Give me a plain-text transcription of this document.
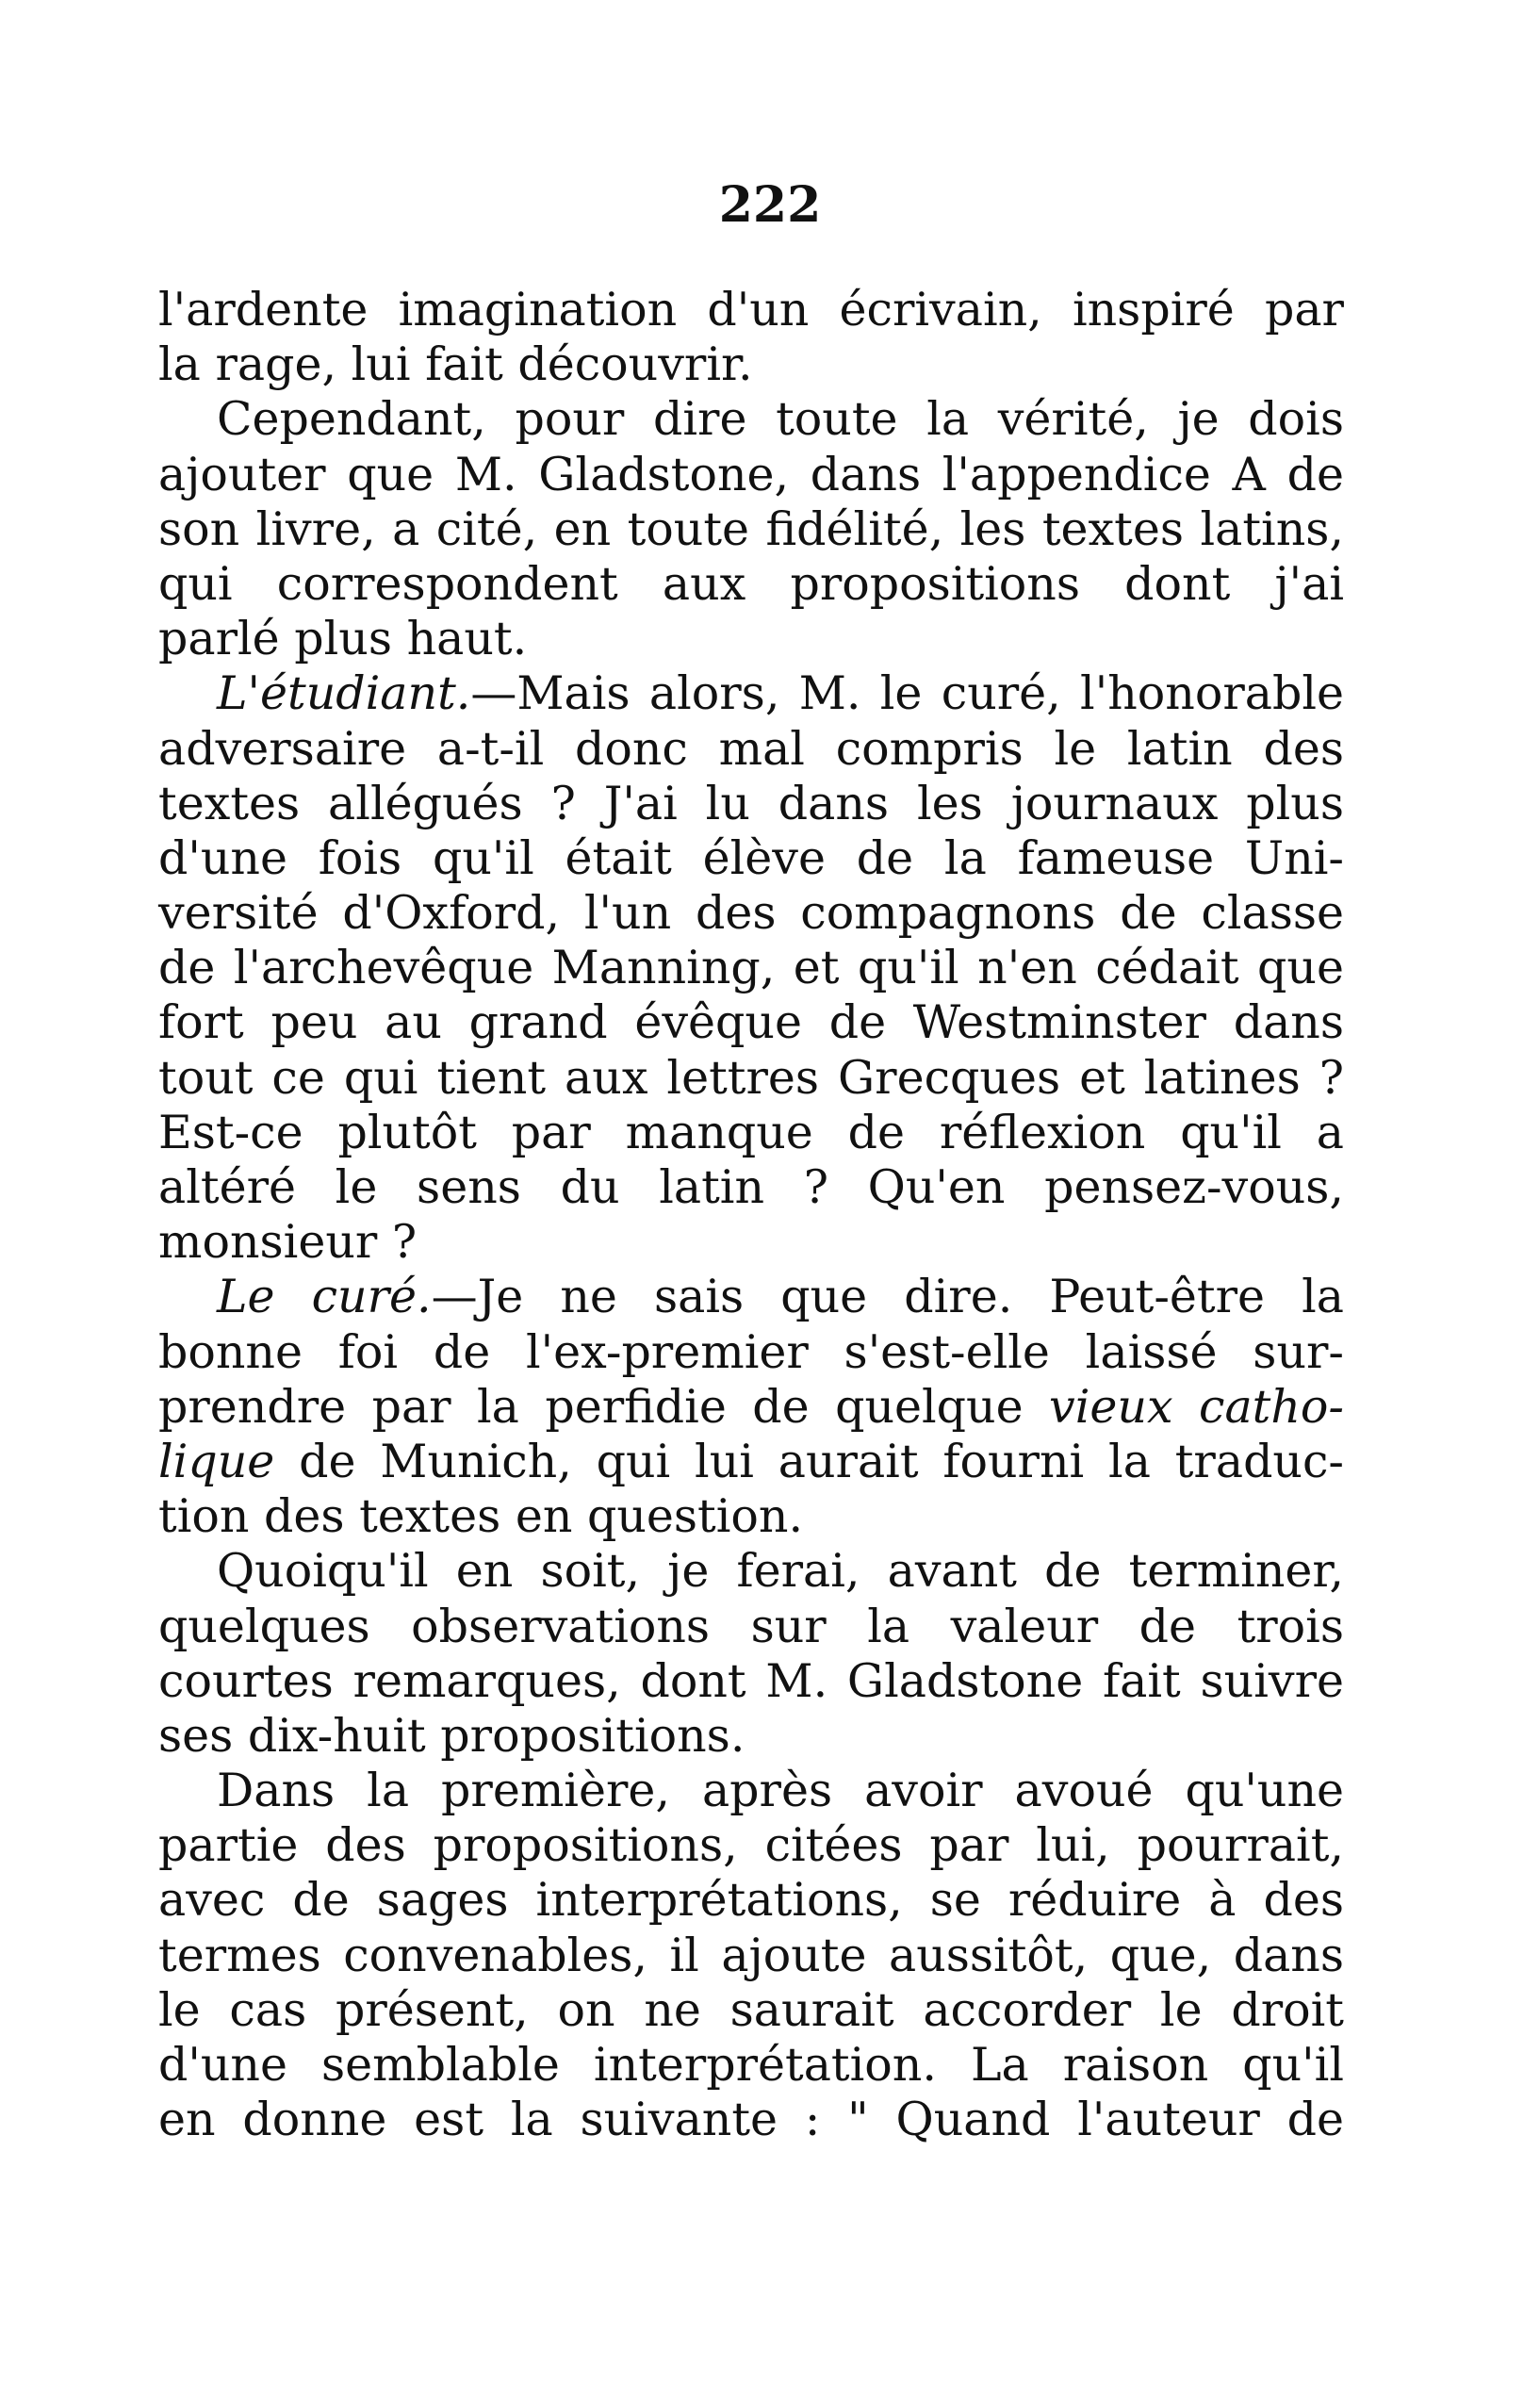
222
l'ardente imagination d'un écrivain, inspiré par
la rage, lui fait découvrir.
Cependant, pour dire toute la vérité, je dois
ajouter que M. Gladstone, dans l'appendice A de
son livre, a cité, en toute fidélité, les textes latins,
qui correspondent aux propositions dont j'ai
parlé plus haut.
L'étudiant.—Mais alors, M. le curé, l'honorable
adversaire a-t-il donc mal compris le latin des
textes allégués ? J'ai lu dans les journaux plus
d'une fois qu'il était élève de la fameuse Uni-
versité d'Oxford, l'un des compagnons de classe
de l'archevêque Manning, et qu'il n'en cédait que
fort peu au grand évêque de Westminster dans
tout ce qui tient aux lettres Grecques et latines ?
Est-ce plutôt par manque de réflexion qu'il a
altéré le sens du latin ? Qu'en pensez-vous,
monsieur ?
Le curé.—Je ne sais que dire. Peut-être la
bonne foi de l'ex-premier s'est-elle laissé sur-
prendre par la perfidie de quelque vieux catho-
lique de Munich, qui lui aurait fourni la traduc-
tion des textes en question.
Quoiqu'il en soit, je ferai, avant de terminer,
quelques observations sur la valeur de trois
courtes remarques, dont M. Gladstone fait suivre
ses dix-huit propositions.
Dans la première, après avoir avoué qu'une
partie des propositions, citées par lui, pourrait,
avec de sages interprétations, se réduire à des
termes convenables, il ajoute aussitôt, que, dans
le cas présent, on ne saurait accorder le droit
d'une semblable interprétation. La raison qu'il
en donne est la suivante : " Quand l'auteur de
